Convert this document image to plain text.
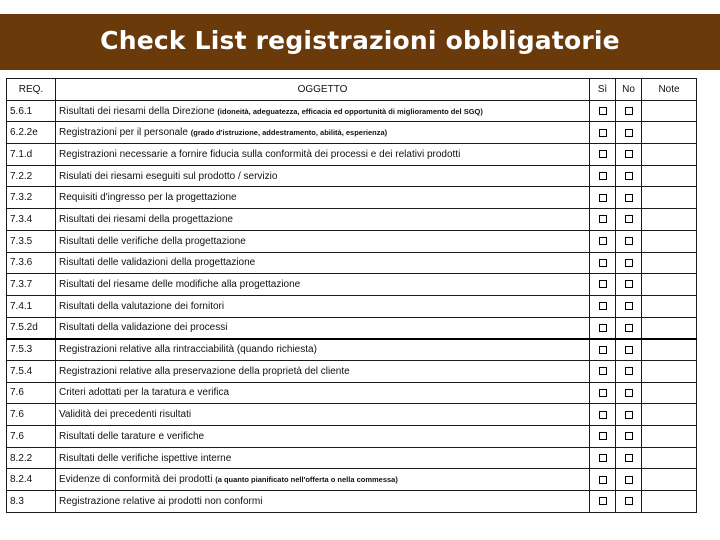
Check List registrazioni obbligatorie
REQ.	OGGETTO	Sì	No	Note
5.6.1	Risultati dei riesami della Direzione (idoneità, adeguatezza, efficacia ed opportunità di miglioramento del SGQ)			
6.2.2e	Registrazioni per il personale (grado d'istruzione, addestramento, abilità, esperienza)			
7.1.d	Registrazioni necessarie a fornire fiducia sulla conformità dei processi e dei relativi prodotti			
7.2.2	Risulati dei riesami eseguiti sul prodotto / servizio			
7.3.2	Requisiti d'ingresso per la progettazione			
7.3.4	Risultati dei riesami della progettazione			
7.3.5	Risultati delle verifiche della progettazione			
7.3.6	Risultati delle validazioni della progettazione			
7.3.7	Risultati del riesame delle modifiche alla progettazione			
7.4.1	Risultati della valutazione dei fornitori			
7.5.2d	Risultati della validazione dei processi			
7.5.3	Registrazioni relative alla rintracciabilità (quando richiesta)			
7.5.4	Registrazioni relative alla preservazione della proprietà del cliente			
7.6	Criteri adottati per la taratura e verifica			
7.6	Validità dei precedenti risultati			
7.6	Risultati delle tarature e verifiche			
8.2.2	Risultati delle verifiche ispettive interne			
8.2.4	Evidenze di conformità dei prodotti (a quanto pianificato nell'offerta o nella commessa)			
8.3	Registrazione relative ai prodotti non conformi			
